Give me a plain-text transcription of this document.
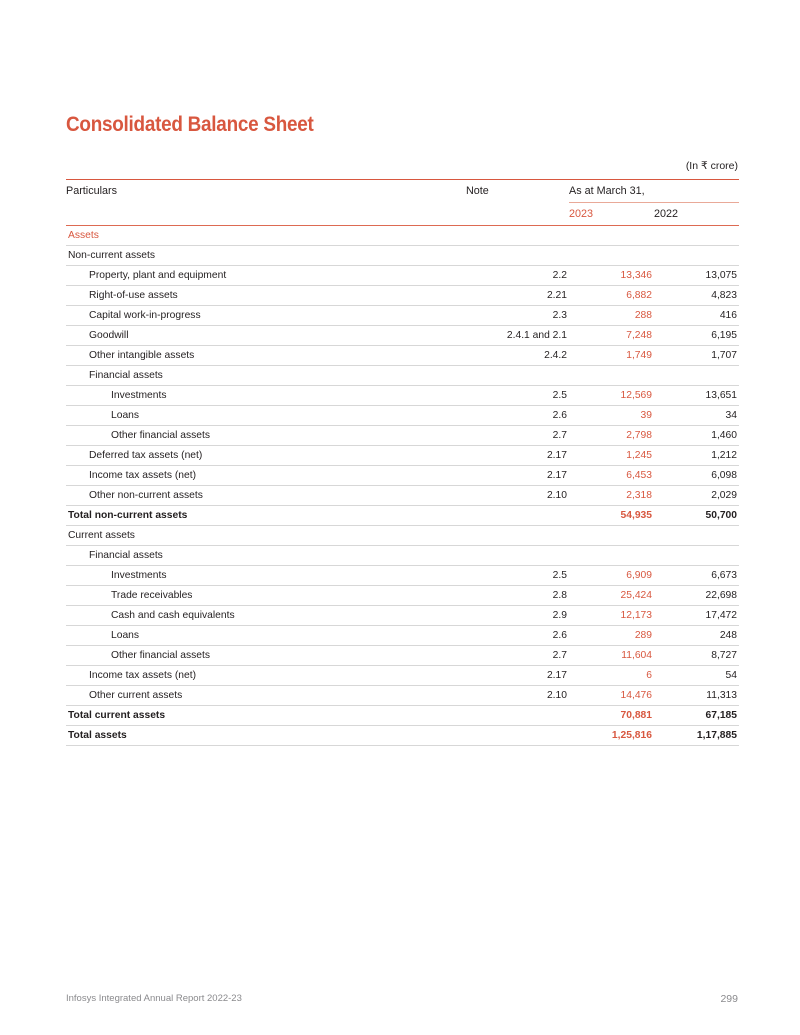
Consolidated Balance Sheet
(In ₹ crore)
Particulars	Note	As at March 31,	
		2023	2022
Assets			
Non-current assets			
Property, plant and equipment	2.2	13,346	13,075
Right-of-use assets	2.21	6,882	4,823
Capital work-in-progress	2.3	288	416
Goodwill	2.4.1 and 2.1	7,248	6,195
Other intangible assets	2.4.2	1,749	1,707
Financial assets			
Investments	2.5	12,569	13,651
Loans	2.6	39	34
Other financial assets	2.7	2,798	1,460
Deferred tax assets (net)	2.17	1,245	1,212
Income tax assets (net)	2.17	6,453	6,098
Other non-current assets	2.10	2,318	2,029
Total non-current assets		54,935	50,700
Current assets			
Financial assets			
Investments	2.5	6,909	6,673
Trade receivables	2.8	25,424	22,698
Cash and cash equivalents	2.9	12,173	17,472
Loans	2.6	289	248
Other financial assets	2.7	11,604	8,727
Income tax assets (net)	2.17	6	54
Other current assets	2.10	14,476	11,313
Total current assets		70,881	67,185
Total assets		1,25,816	1,17,885

Infosys Integrated Annual Report 2022-23	299
